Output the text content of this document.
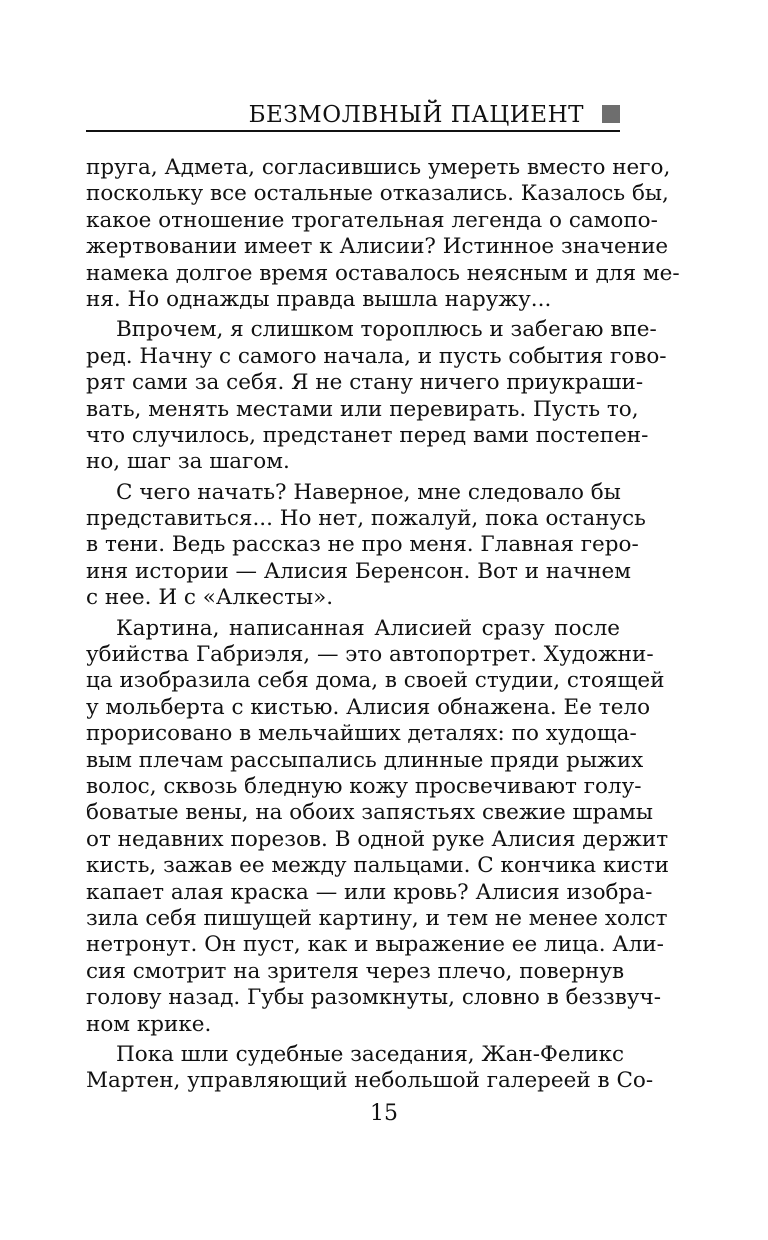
БЕЗМОЛВНЫЙ ПАЦИЕНТ
пруга, Адмета, согласившись умереть вместо него,
поскольку все остальные отказались. Казалось бы,
какое отношение трогательная легенда о самопо-
жертвовании имеет к Алисии? Истинное значение
намека долгое время оставалось неясным и для ме-
ня. Но однажды правда вышла наружу...
Впрочем, я слишком тороплюсь и забегаю впе-
ред. Начну с самого начала, и пусть события гово-
рят сами за себя. Я не стану ничего приукраши-
вать, менять местами или перевирать. Пусть то,
что случилось, предстанет перед вами постепен-
но, шаг за шагом.
С чего начать? Наверное, мне следовало бы
представиться... Но нет, пожалуй, пока останусь
в тени. Ведь рассказ не про меня. Главная геро-
иня истории — Алисия Беренсон. Вот и начнем
с нее. И с «Алкесты».
Картина, написанная Алисией сразу после
убийства Габриэля, — это автопортрет. Художни-
ца изобразила себя дома, в своей студии, стоящей
у мольберта с кистью. Алисия обнажена. Ее тело
прорисовано в мельчайших деталях: по худоща-
вым плечам рассыпались длинные пряди рыжих
волос, сквозь бледную кожу просвечивают голу-
боватые вены, на обоих запястьях свежие шрамы
от недавних порезов. В одной руке Алисия держит
кисть, зажав ее между пальцами. С кончика кисти
капает алая краска — или кровь? Алисия изобра-
зила себя пишущей картину, и тем не менее холст
нетронут. Он пуст, как и выражение ее лица. Али-
сия смотрит на зрителя через плечо, повернув
голову назад. Губы разомкнуты, словно в беззвуч-
ном крике.
Пока шли судебные заседания, Жан-Феликс
Мартен, управляющий небольшой галереей в Со-
15
